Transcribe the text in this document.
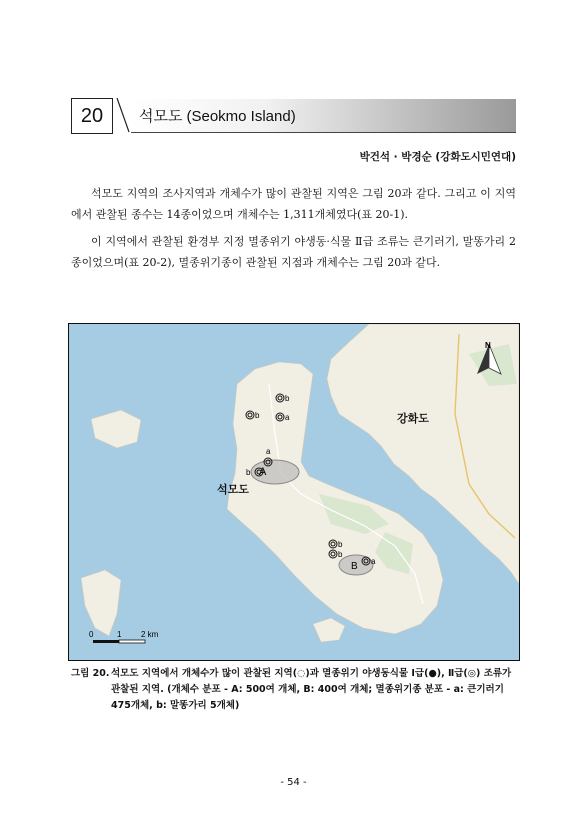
20	석모도 (Seokmo Island)
박건석 · 박경순 (강화도시민연대)
석모도 지역의 조사지역과 개체수가 많이 관찰된 지역은 그림 20과 같다. 그리고 이 지역에서 관찰된 종수는 14종이었으며 개체수는 1,311개체였다(표 20-1).
이 지역에서 관찰된 환경부 지정 멸종위기 야생동·식물 Ⅱ급 조류는 큰기러기, 말똥가리 2종이었으며(표 20-2), 멸종위기종이 관찰된 지점과 개체수는 그림 20과 같다.
A
B
b
b	a
a
b
b
b
a
석모도
강화도
N
0	1 2 km
그림 20. 석모도 지역에서 개체수가 많이 관찰된 지역(◌)과 멸종위기 야생동식물 Ⅰ급(●), Ⅱ급(◎) 조류가 관찰된 지역. (개체수 분포 - A: 500여 개체, B: 400여 개체; 멸종위기종 분포 - a: 큰기러기 475개체, b: 말똥가리 5개체)
- 54 -
